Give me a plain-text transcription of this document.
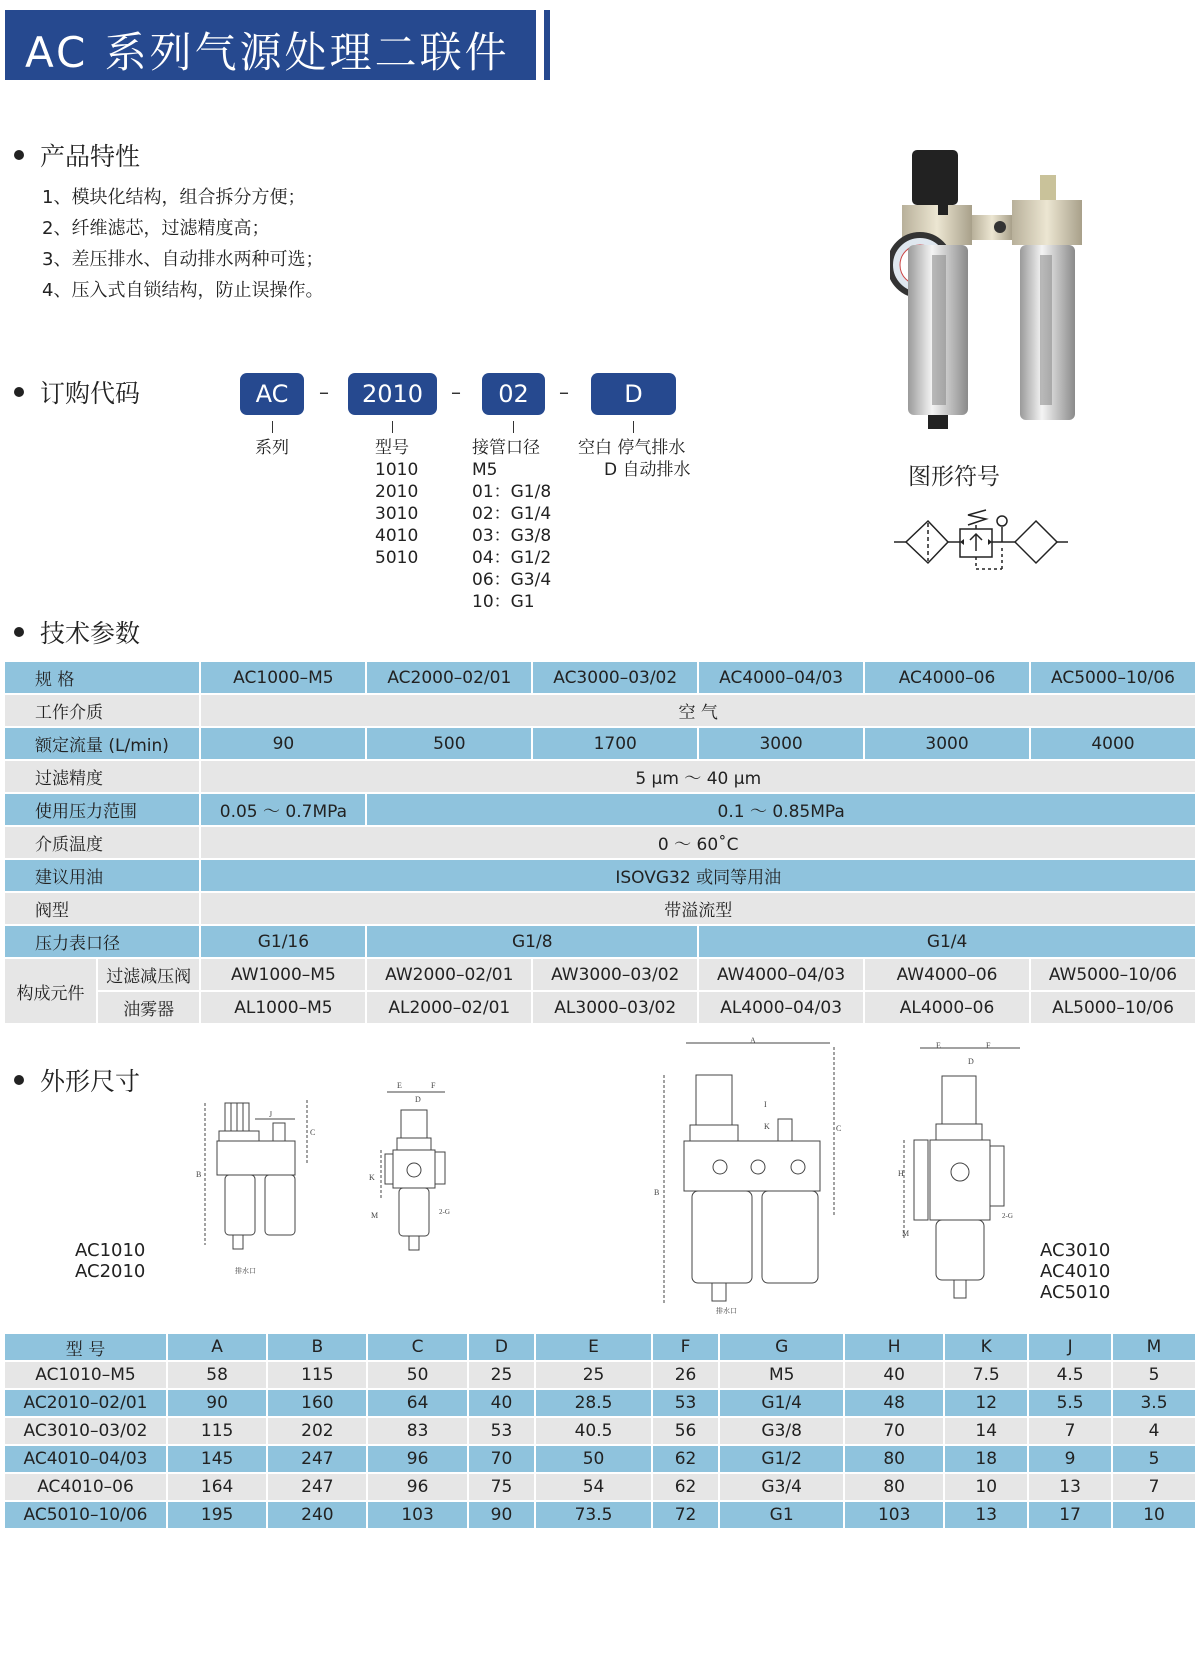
AC 系列气源处理二联件
产品特性
1、模块化结构，组合拆分方便；
2、纤维滤芯，过滤精度高；
3、差压排水、自动排水两种可选；
4、压入式自锁结构，防止误操作。
订购代码	AC	–	2010	–	02	–	D
系列	型号
1010
2010
3010
4010
5010
接管口径
M5
01：G1/8
02：G1/4
03：G3/8
04：G1/2
06：G3/4
10：G1
空白 停气排水
D 自动排水	图形符号
技术参数
规 格		AC1000–M5	AC2000–02/01	AC3000–03/02	AC4000–04/03	AC4000–06	AC5000–10/06
工作介质		空 气					
额定流量 (L/min)		90	500	1700	3000	3000	4000
过滤精度		5 μm ～ 40 μm					
使用压力范围		0.05 ～ 0.7MPa	0.1 ～ 0.85MPa				
介质温度		0 ～ 60˚C					
建议用油		ISOVG32 或同等用油					
阀型		带溢流型					
压力表口径		G1/16	G1/8		G1/4		
构成元件	过滤减压阀	AW1000–M5	AW2000–02/01	AW3000–03/02	AW4000–04/03	AW4000–06	AW5000–10/06
	油雾器	AL1000–M5	AL2000–02/01	AL3000–03/02	AL4000–04/03	AL4000–06	AL5000–10/06
外形尺寸
B
C
J
排水口
E	F
D
K
M	2-G
AC1010
AC2010
A
B
C
I
K
排水口
E	F
D
H
M
2-G
AC3010
AC4010
AC5010
型 号	A	B	C	D	E	F	G	H	K	J	M
AC1010–M5	58	115	50	25	25	26	M5	40	7.5	4.5	5
AC2010–02/01	90	160	64	40	28.5	53	G1/4	48	12	5.5	3.5
AC3010–03/02	115	202	83	53	40.5	56	G3/8	70	14	7	4
AC4010–04/03	145	247	96	70	50	62	G1/2	80	18	9	5
AC4010–06	164	247	96	75	54	62	G3/4	80	10	13	7
AC5010–10/06	195	240	103	90	73.5	72	G1	103	13	17	10
